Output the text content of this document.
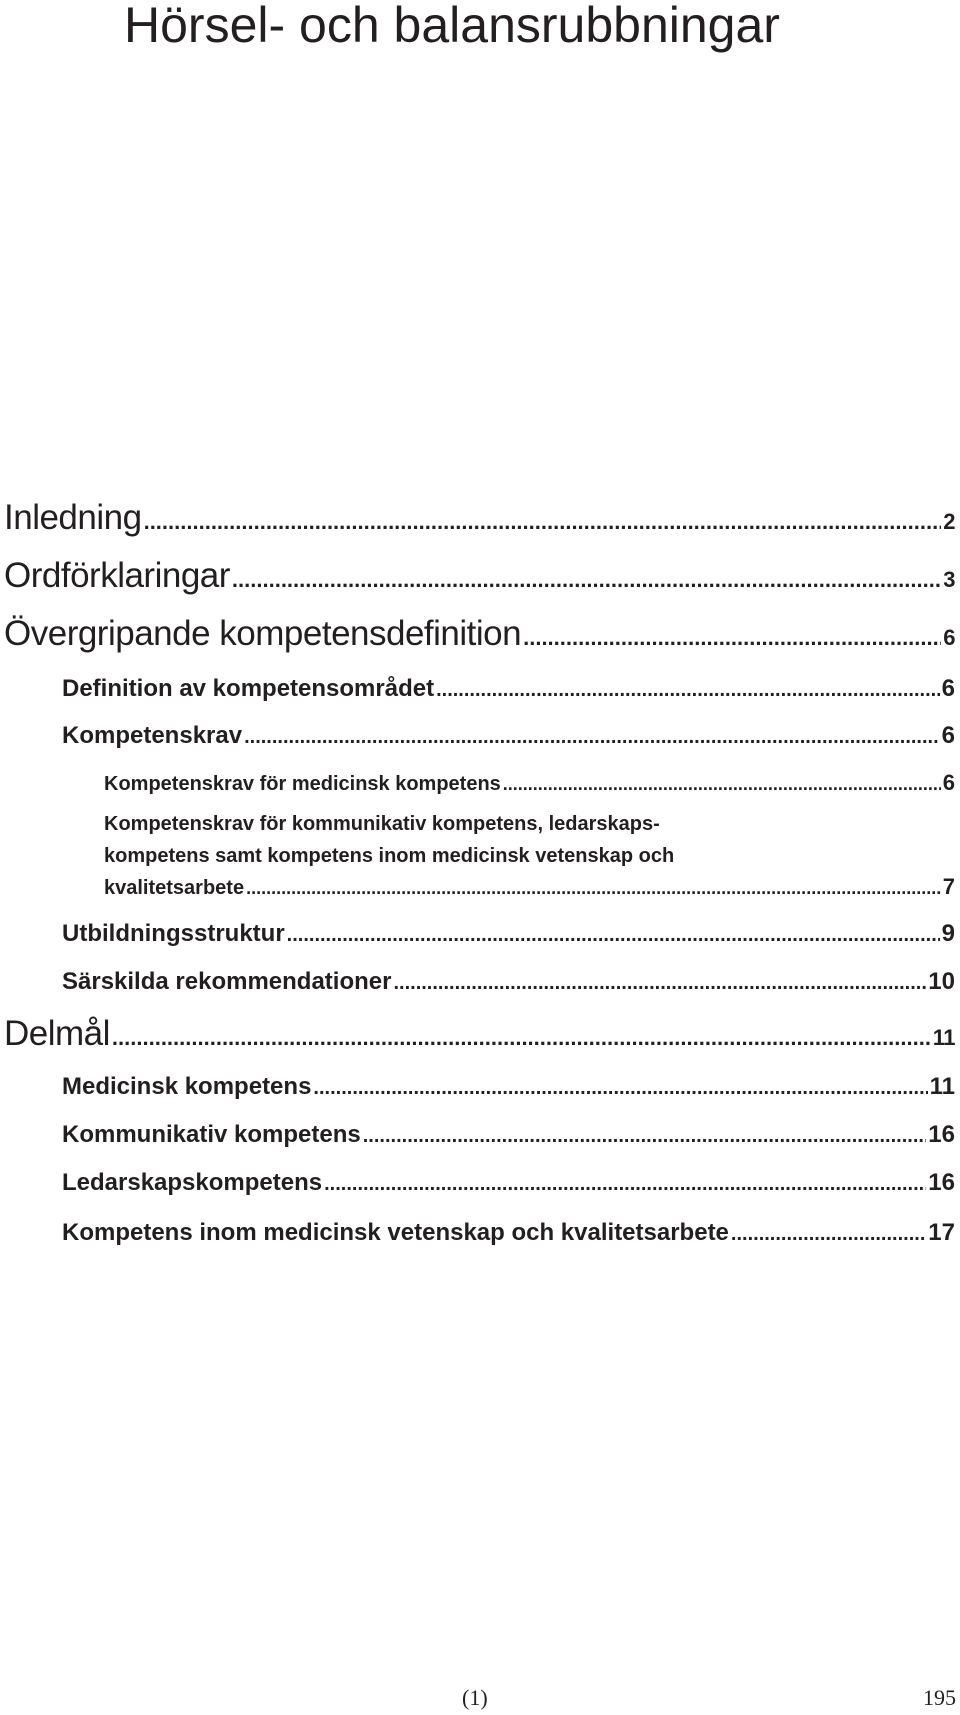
Hörsel- och balansrubbningar
Inledning .....	2
Ordförklaringar .....	3
Övergripande kompetensdefinition .....	6
Definition av kompetensområdet .....	6
Kompetenskrav .....	6
Kompetenskrav för medicinsk kompetens .....	6
Kompetenskrav för kommunikativ kompetens, ledarskaps-
kompetens samt kompetens inom medicinsk vetenskap och
kvalitetsarbete .....	7
Utbildningsstruktur .....	9
Särskilda rekommendationer .....	10
Delmål .....	11
Medicinsk kompetens .....	11
Kommunikativ kompetens .....	16
Ledarskapskompetens .....	16
Kompetens inom medicinsk vetenskap och kvalitetsarbete .....	17
(1)	195
